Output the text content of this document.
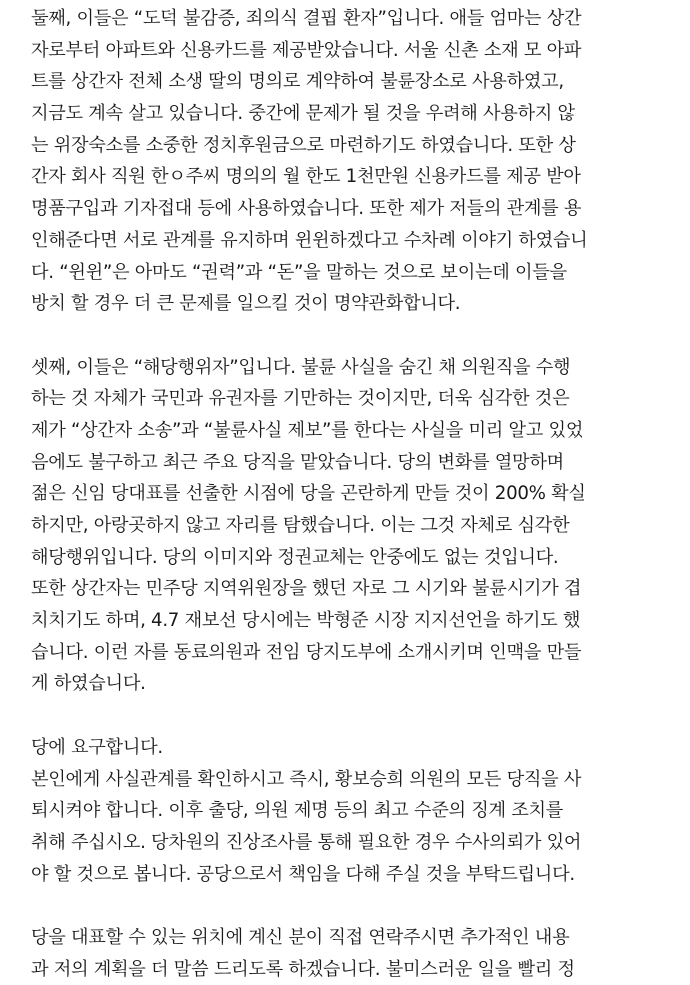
둘째, 이들은 “도덕 불감증, 죄의식 결핍 환자”입니다. 애들 엄마는 상간
자로부터 아파트와 신용카드를 제공받았습니다. 서울 신촌 소재 모 아파
트를 상간자 전체 소생 딸의 명의로 계약하여 불륜장소로 사용하였고,
지금도 계속 살고 있습니다. 중간에 문제가 될 것을 우려해 사용하지 않
는 위장숙소를 소중한 정치후원금으로 마련하기도 하였습니다. 또한 상
간자 회사 직원 한ㅇ주씨 명의의 월 한도 1천만원 신용카드를 제공 받아
명품구입과 기자접대 등에 사용하였습니다. 또한 제가 저들의 관계를 용
인해준다면 서로 관계를 유지하며 윈윈하겠다고 수차례 이야기 하였습니
다. “윈윈”은 아마도 “권력”과 “돈”을 말하는 것으로 보이는데 이들을
방치 할 경우 더 큰 문제를 일으킬 것이 명약관화합니다.
셋째, 이들은 “해당행위자”입니다. 불륜 사실을 숨긴 채 의원직을 수행
하는 것 자체가 국민과 유권자를 기만하는 것이지만, 더욱 심각한 것은
제가 “상간자 소송”과 “불륜사실 제보”를 한다는 사실을 미리 알고 있었
음에도 불구하고 최근 주요 당직을 맡았습니다. 당의 변화를 열망하며
젊은 신임 당대표를 선출한 시점에 당을 곤란하게 만들 것이 200% 확실
하지만, 아랑곳하지 않고 자리를 탐했습니다. 이는 그것 자체로 심각한
해당행위입니다. 당의 이미지와 정권교체는 안중에도 없는 것입니다.
또한 상간자는 민주당 지역위원장을 했던 자로 그 시기와 불륜시기가 겹
치치기도 하며, 4.7 재보선 당시에는 박형준 시장 지지선언을 하기도 했
습니다. 이런 자를 동료의원과 전임 당지도부에 소개시키며 인맥을 만들
게 하였습니다.
당에 요구합니다.
본인에게 사실관계를 확인하시고 즉시, 황보승희 의원의 모든 당직을 사
퇴시켜야 합니다. 이후 출당, 의원 제명 등의 최고 수준의 징계 조치를
취해 주십시오. 당차원의 진상조사를 통해 필요한 경우 수사의뢰가 있어
야 할 것으로 봅니다. 공당으로서 책임을 다해 주실 것을 부탁드립니다.
당을 대표할 수 있는 위치에 계신 분이 직접 연락주시면 추가적인 내용
과 저의 계획을 더 말씀 드리도록 하겠습니다. 불미스러운 일을 빨리 정
